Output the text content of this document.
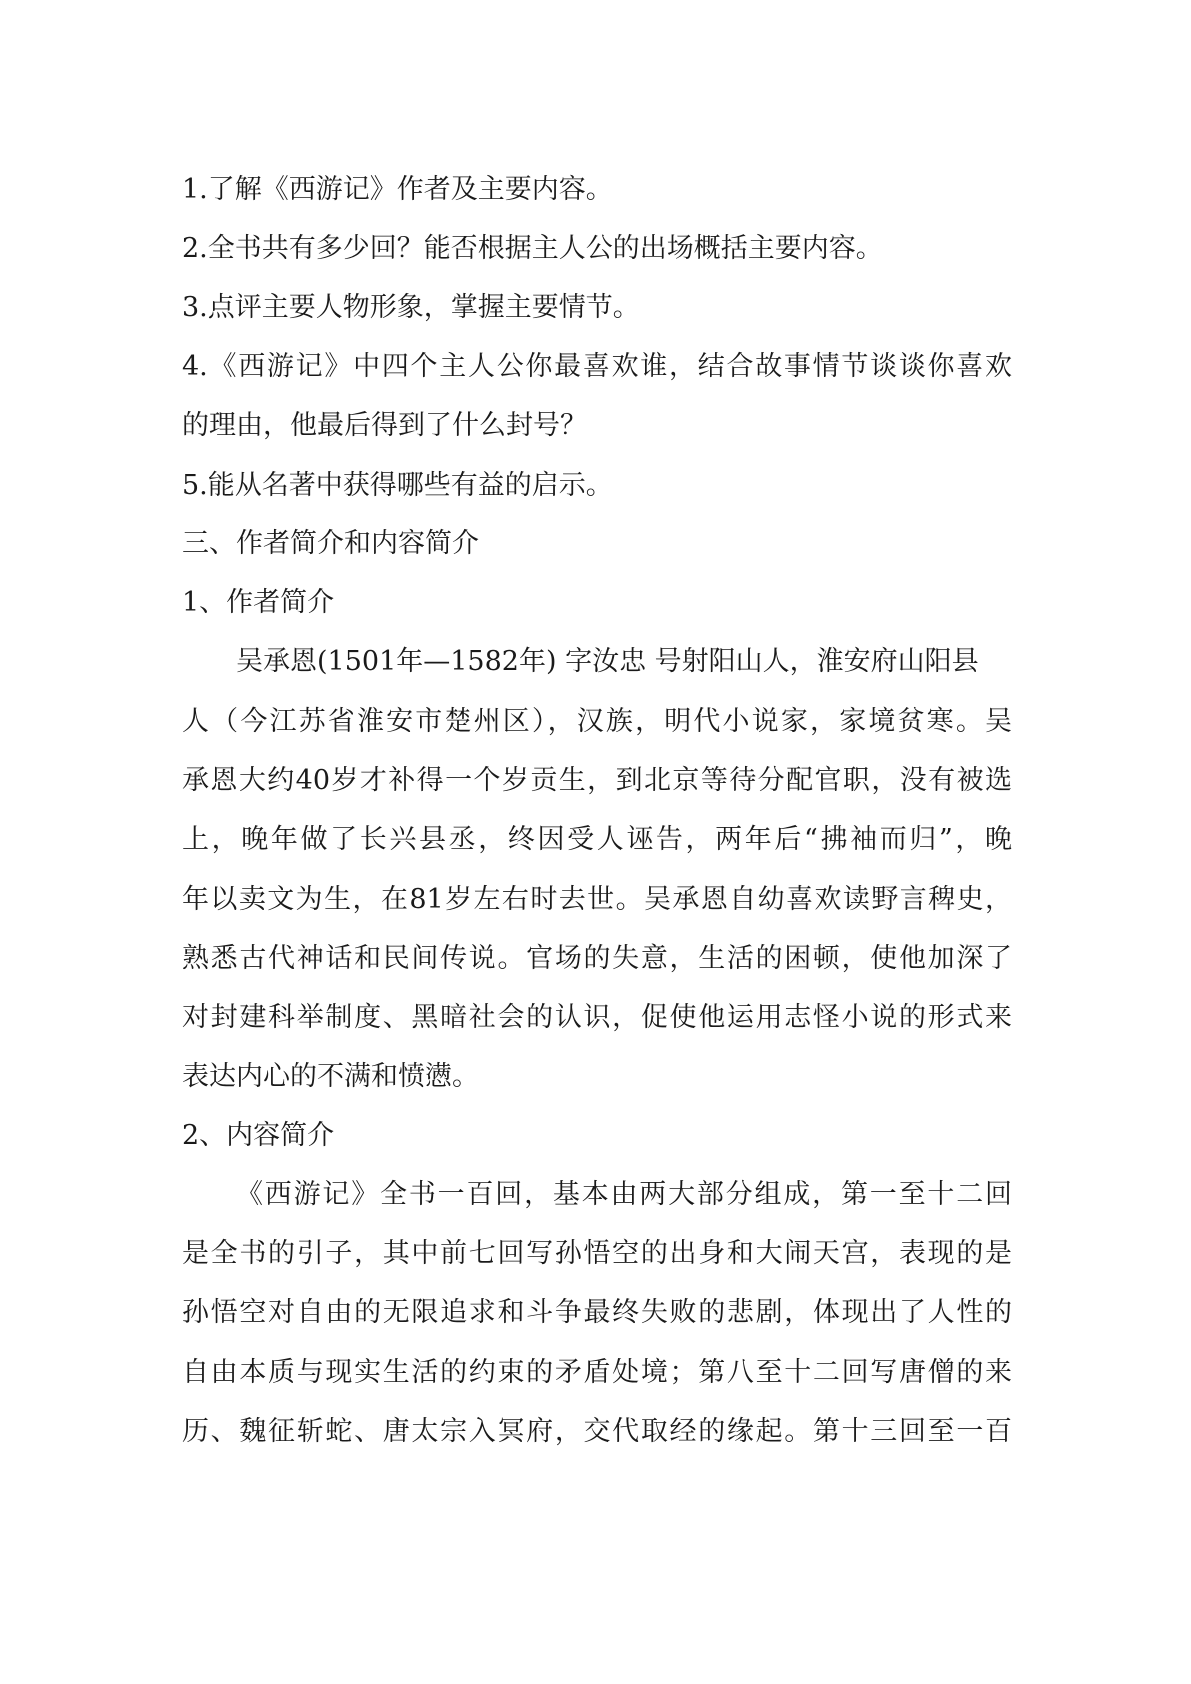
1.了解《西游记》作者及主要内容。
2.全书共有多少回？能否根据主人公的出场概括主要内容。
3.点评主要人物形象，掌握主要情节。
4.《西游记》中四个主人公你最喜欢谁，结合故事情节谈谈你喜欢
的理由，他最后得到了什么封号？
5.能从名著中获得哪些有益的启示。
三、作者简介和内容简介
1、作者简介
吴承恩(1501年—1582年) 字汝忠 号射阳山人，淮安府山阳县
人（今江苏省淮安市楚州区），汉族，明代小说家，家境贫寒。吴
承恩大约40岁才补得一个岁贡生，到北京等待分配官职，没有被选
上，晚年做了长兴县丞，终因受人诬告，两年后“拂袖而归”，晚
年以卖文为生，在81岁左右时去世。吴承恩自幼喜欢读野言稗史，
熟悉古代神话和民间传说。官场的失意，生活的困顿，使他加深了
对封建科举制度、黑暗社会的认识，促使他运用志怪小说的形式来
表达内心的不满和愤懑。
2、内容简介
《西游记》全书一百回，基本由两大部分组成，第一至十二回
是全书的引子，其中前七回写孙悟空的出身和大闹天宫，表现的是
孙悟空对自由的无限追求和斗争最终失败的悲剧，体现出了人性的
自由本质与现实生活的约束的矛盾处境；第八至十二回写唐僧的来
历、魏征斩蛇、唐太宗入冥府，交代取经的缘起。第十三回至一百
